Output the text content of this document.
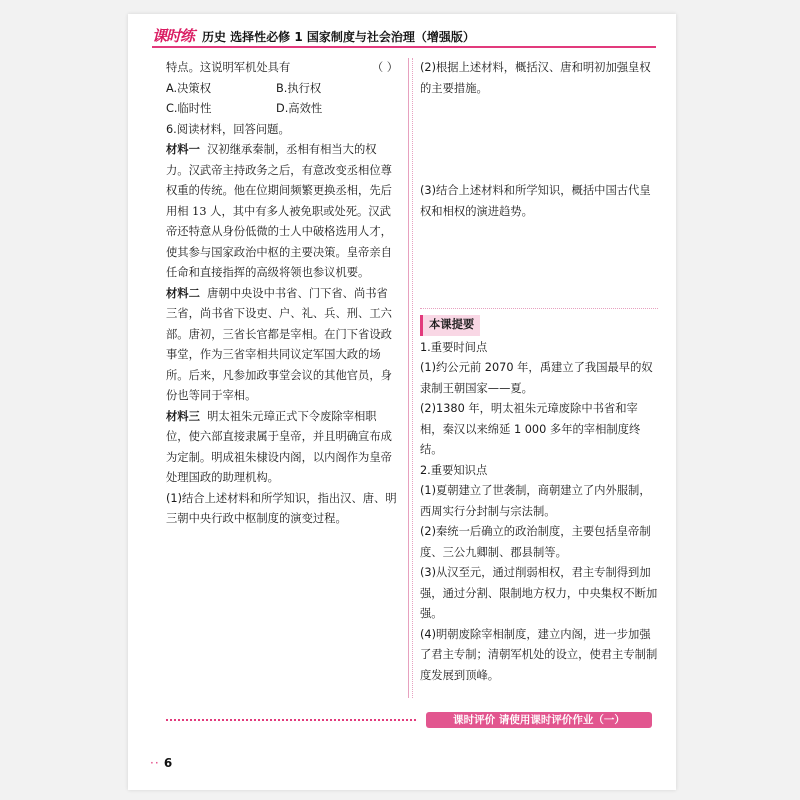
课时练 历史 选择性必修 1 国家制度与社会治理（增强版）

特点。这说明军机处具有	（ ）

A.决策权	B.执行权

C.临时性	D.高效性

6.阅读材料，回答问题。

材料一 汉初继承秦制，丞相有相当大的权力。汉武帝主持政务之后，有意改变丞相位尊权重的传统。他在位期间频繁更换丞相，先后用相 13 人，其中有多人被免职或处死。汉武帝还特意从身份低微的士人中破格选用人才，使其参与国家政治中枢的主要决策。皇帝亲自任命和直接指挥的高级将领也参议机要。

材料二 唐朝中央设中书省、门下省、尚书省三省，尚书省下设吏、户、礼、兵、刑、工六部。唐初，三省长官都是宰相。在门下省设政事堂，作为三省宰相共同议定军国大政的场所。后来，凡参加政事堂会议的其他官员，身份也等同于宰相。

材料三 明太祖朱元璋正式下令废除宰相职位，使六部直接隶属于皇帝，并且明确宣布成为定制。明成祖朱棣设内阁，以内阁作为皇帝处理国政的助理机构。

(1)结合上述材料和所学知识，指出汉、唐、明三朝中央行政中枢制度的演变过程。

(2)根据上述材料，概括汉、唐和明初加强皇权的主要措施。

(3)结合上述材料和所学知识，概括中国古代皇权和相权的演进趋势。

本课提要

1.重要时间点

(1)约公元前 2070 年，禹建立了我国最早的奴隶制王朝国家——夏。

(2)1380 年，明太祖朱元璋废除中书省和宰相，秦汉以来绵延 1 000 多年的宰相制度终结。

2.重要知识点

(1)夏朝建立了世袭制，商朝建立了内外服制，西周实行分封制与宗法制。

(2)秦统一后确立的政治制度，主要包括皇帝制度、三公九卿制、郡县制等。

(3)从汉至元，通过削弱相权，君主专制得到加强，通过分割、限制地方权力，中央集权不断加强。

(4)明朝废除宰相制度，建立内阁，进一步加强了君主专制；清朝军机处的设立，使君主专制制度发展到顶峰。

课时评价 请使用课时评价作业（一）
·· 6
